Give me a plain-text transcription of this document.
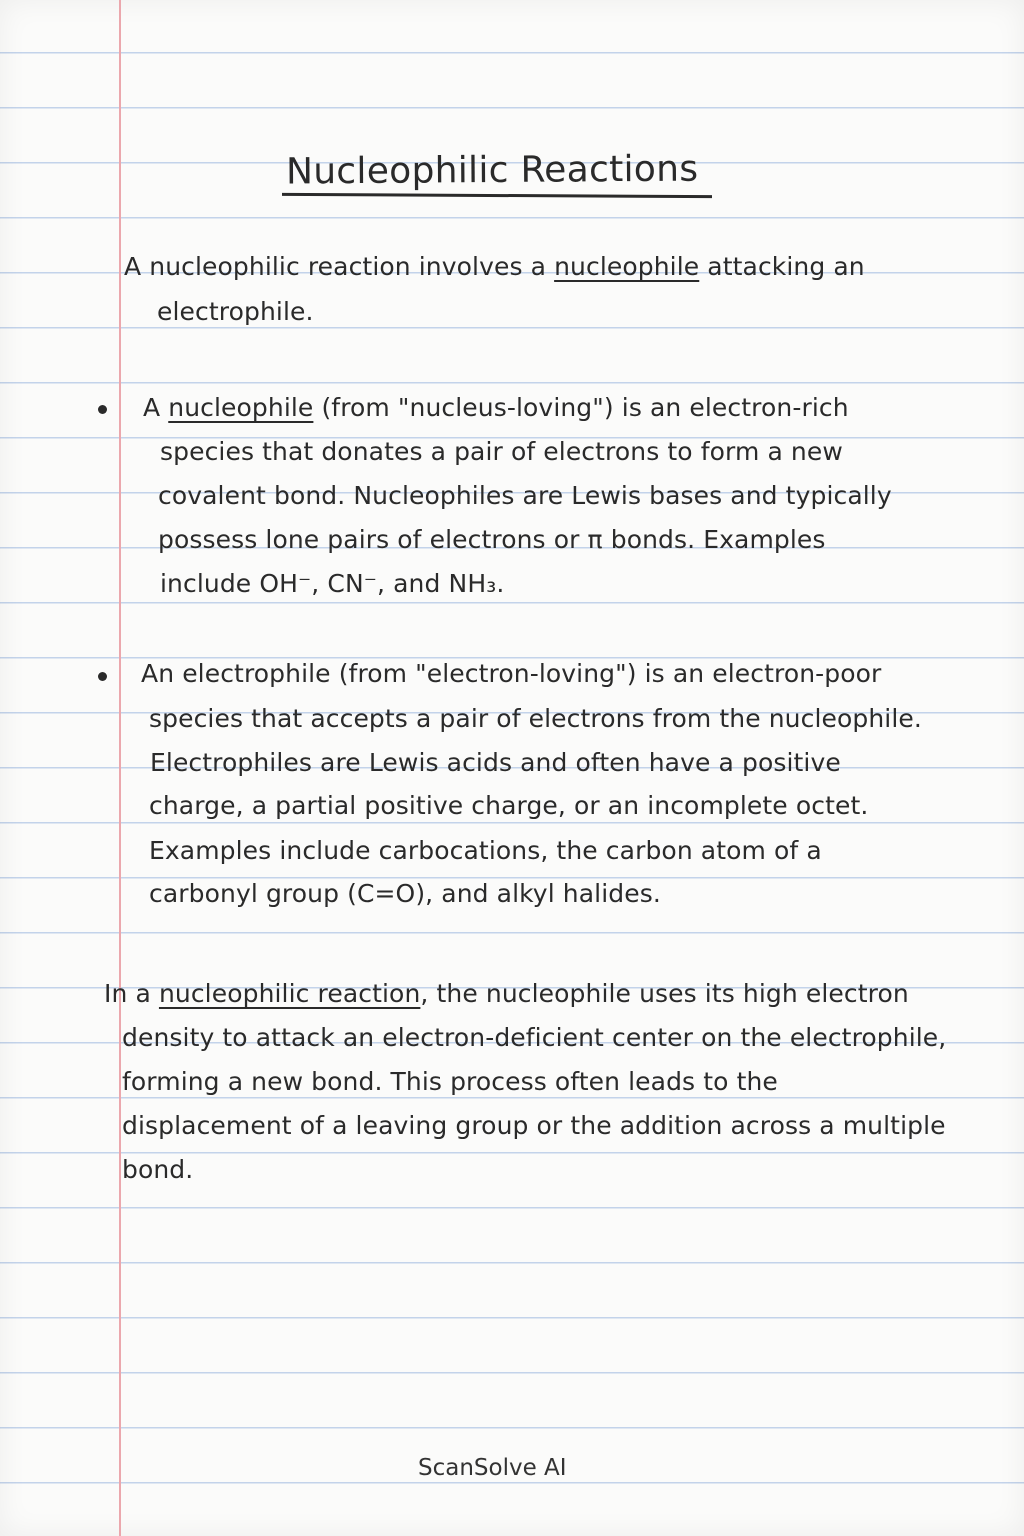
Nucleophilic Reactions
A nucleophilic reaction involves a nucleophile attacking an
electrophile.
A nucleophile (from "nucleus-loving") is an electron-rich
species that donates a pair of electrons to form a new
covalent bond. Nucleophiles are Lewis bases and typically
possess lone pairs of electrons or π bonds. Examples
include OH⁻, CN⁻, and NH₃.
An electrophile (from "electron-loving") is an electron-poor
species that accepts a pair of electrons from the nucleophile.
Electrophiles are Lewis acids and often have a positive
charge, a partial positive charge, or an incomplete octet.
Examples include carbocations, the carbon atom of a
carbonyl group (C=O), and alkyl halides.
In a nucleophilic reaction, the nucleophile uses its high electron
density to attack an electron-deficient center on the electrophile,
forming a new bond. This process often leads to the
displacement of a leaving group or the addition across a multiple
bond.
ScanSolve AI
